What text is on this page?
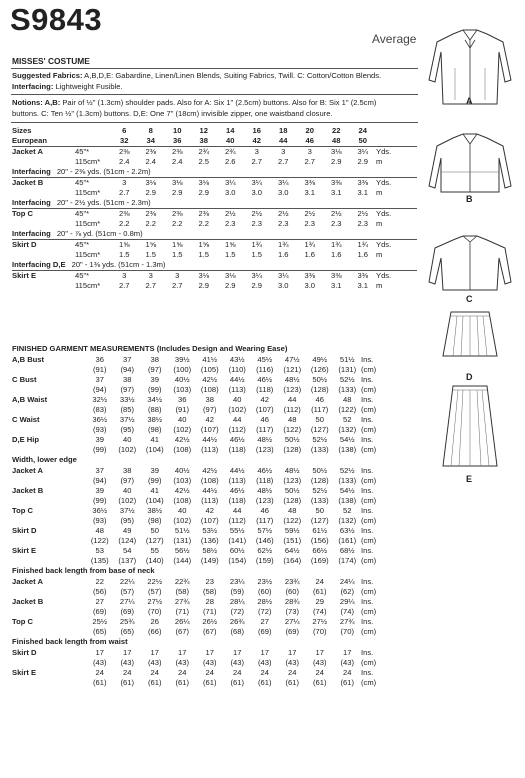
S9843
Average
MISSES' COSTUME
Suggested Fabrics: A,B,D,E: Gabardine, Linen/Linen Blends, Suiting Fabrics, Twill. C: Cotton/Cotton Blends.
Interfacing: Lightweight Fusible.
Notions: A,B: Pair of ½" (1.3cm) shoulder pads. Also for A: Six 1" (2.5cm) buttons. Also for B: Six 1" (2.5cm)
buttons. C: Ten ½" (1.3cm) buttons. D,E: One 7" (18cm) invisible zipper, one waistband closure.
Sizes	6	8	10	12	14	16	18	20	22	24
European	32	34	36	38	40	42	44	46	48	50
Jacket A	45"*	2⅜	2⅜	2⅜	2¾	2¾	3	3	3	3⅛	3¼	Yds.
115cm*	2.4	2.4	2.4	2.5	2.6	2.7	2.7	2.7	2.9	2.9	m
Interfacing 20" - 2⅜ yds. (51cm - 2.2m)
Jacket B	45"*	3	3⅛	3⅛	3⅛	3¼	3¼	3¼	3⅜	3⅜	3⅜	Yds.
115cm*	2.7	2.9	2.9	2.9	3.0	3.0	3.0	3.1	3.1	3.1	m
Interfacing 20" - 2½ yds. (51cm - 2.3m)
Top C	45"*	2⅜	2⅜	2⅜	2⅜	2½	2½	2½	2½	2½	2½	Yds.
115cm*	2.2	2.2	2.2	2.2	2.3	2.3	2.3	2.3	2.3	2.3	m
Interfacing 20" - ⅞ yd. (51cm - 0.8m)
Skirt D	45"*	1⅝	1⅝	1⅝	1⅝	1⅝	1¾	1¾	1¾	1¾	1¾	Yds.
115cm*	1.5	1.5	1.5	1.5	1.5	1.5	1.6	1.6	1.6	1.6	m
Interfacing D,E 20" - 1⅜ yds. (51cm - 1.3m)
Skirt E	45"*	3	3	3	3⅛	3⅛	3¼	3¼	3⅜	3⅜	3⅜	Yds.
115cm*	2.7	2.7	2.7	2.9	2.9	2.9	3.0	3.0	3.1	3.1	m
FINISHED GARMENT MEASUREMENTS (Includes Design and Wearing Ease)
A,B Bust	36	37	38	39½	41½	43½	45½	47½	49½	51½ Ins.
(91)	(94)	(97)	(100)	(105)	(110)	(116)	(121)	(126)	(131) (cm)
C Bust	37	38	39	40½	42½	44½	46½	48½	50½	52½ Ins.
(94)	(97)	(99)	(103)	(108)	(113)	(118)	(123)	(128)	(133) (cm)
A,B Waist	32½	33½	34½	36	38	40	42	44	46	48	Ins.
(83)	(85)	(88)	(91)	(97)	(102)	(107)	(112)	(117)	(122) (cm)
C Waist	36½	37½	38½	40	42	44	46	48	50	52	Ins.
(93)	(95)	(98)	(102)	(107)	(112)	(117)	(122)	(127)	(132) (cm)
D,E Hip	39	40	41	42½	44½	46½	48½	50½	52½	54½ Ins.
(99)	(102)	(104)	(108)	(113)	(118)	(123)	(128)	(133)	(138) (cm)
Width, lower edge
Jacket A	37	38	39	40½	42½	44½	46½	48½	50½	52½ Ins.
(94)	(97)	(99)	(103)	(108)	(113)	(118)	(123)	(128)	(133) (cm)
Jacket B	39	40	41	42½	44½	46½	48½	50½	52½	54½ Ins.
(99)	(102)	(104)	(108)	(113)	(118)	(123)	(128)	(133)	(138) (cm)
Top C	36½	37½	38½	40	42	44	46	48	50	52	Ins.
(93)	(95)	(98)	(102)	(107)	(112)	(117)	(122)	(127)	(132) (cm)
Skirt D	48	49	50	51½	53½	55½	57½	59½	61½	63½ Ins.
(122)	(124)	(127)	(131)	(136)	(141)	(146)	(151)	(156)	(161) (cm)
Skirt E	53	54	55	56½	58½	60½	62½	64½	66½	68½ Ins.
(135)	(137)	(140)	(144)	(149)	(154)	(159)	(164)	(169)	(174) (cm)
Finished back length from base of neck
Jacket A	22	22¼	22½	22¾	23	23¼	23½	23¾	24	24¼ Ins.
(56)	(57)	(57)	(58)	(58)	(59)	(60)	(60)	(61)	(62) (cm)
Jacket B	27	27¼	27½	27¾	28	28¼	28½	28¾	29	29¼ Ins.
(69)	(69)	(70)	(71)	(71)	(72)	(72)	(73)	(74)	(74) (cm)
Top C	25½	25¾	26	26¼	26½	26¾	27	27¼	27½	27¾ Ins.
(65)	(65)	(66)	(67)	(67)	(68)	(69)	(69)	(70)	(70) (cm)
Finished back length from waist
Skirt D	17	17	17	17	17	17	17	17	17	17	Ins.
(43)	(43)	(43)	(43)	(43)	(43)	(43)	(43)	(43)	(43) (cm)
Skirt E	24	24	24	24	24	24	24	24	24	24	Ins.
(61)	(61)	(61)	(61)	(61)	(61)	(61)	(61)	(61)	(61) (cm)
A
B
C
D
E
